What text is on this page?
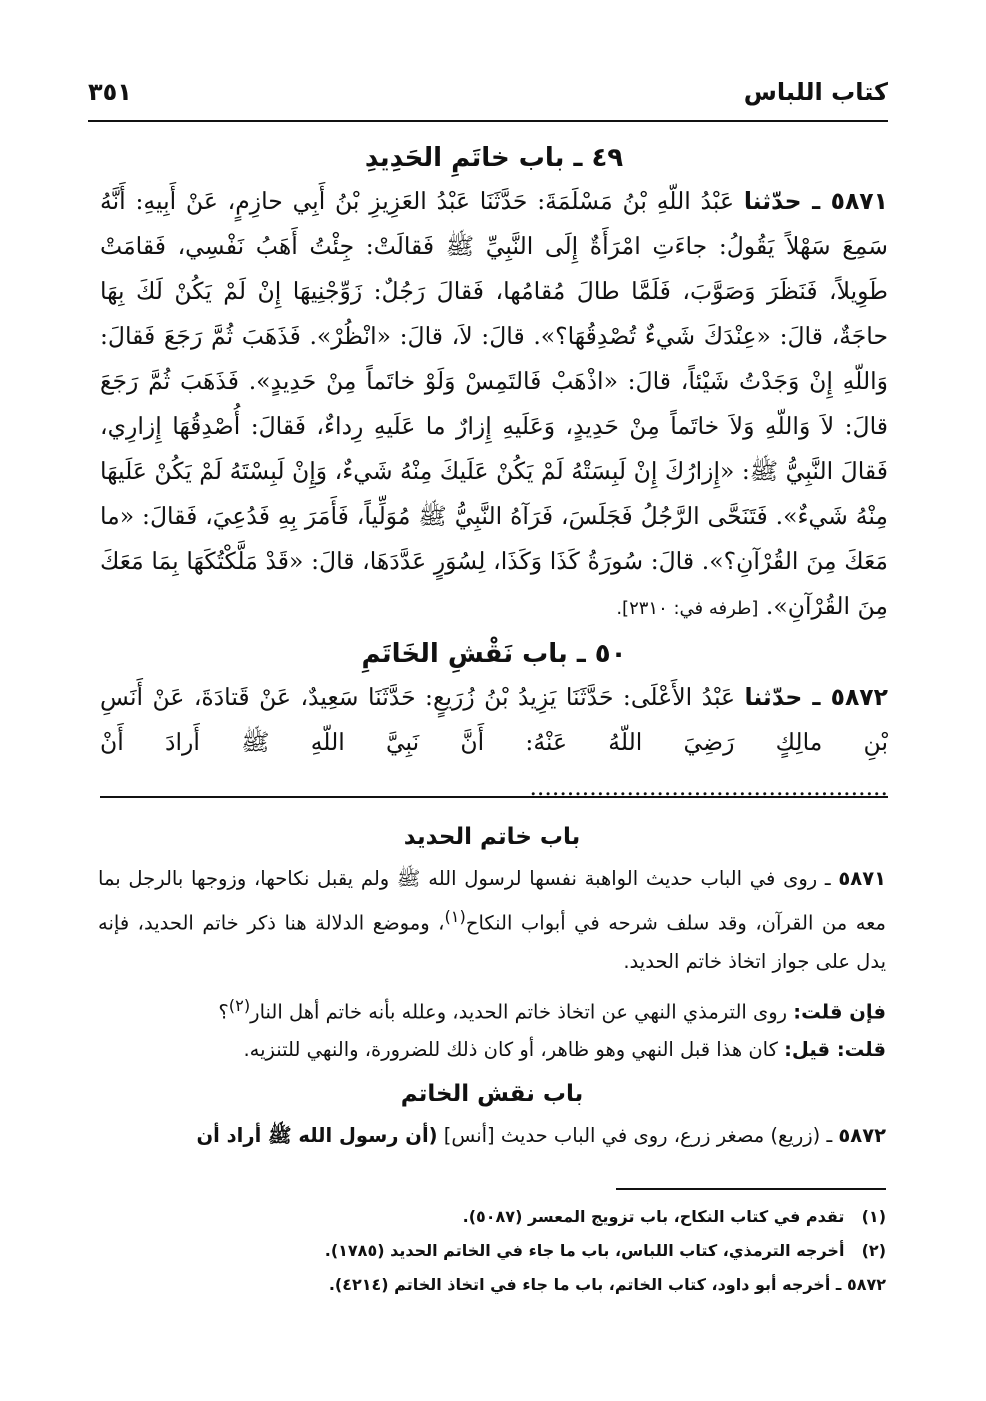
كتاب اللباس
٣٥١
٤٩ ـ باب خاتَمِ الحَدِيدِ

٥٨٧١ ـ حدّثنا عَبْدُ اللّهِ بْنُ مَسْلَمَةَ: حَدَّثَنَا عَبْدُ العَزِيزِ بْنُ أَبِي حازِمٍ، عَنْ أَبِيهِ: أَنَّهُ سَمِعَ سَهْلاً يَقُولُ: جاءَتِ امْرَأَةٌ إِلَى النَّبِيِّ ﷺ فَقالَتْ: جِئْتُ أَهَبُ نَفْسِي، فَقامَتْ طَوِيلاً، فَنَظَرَ وَصَوَّبَ، فَلَمَّا طالَ مُقامُها، فَقالَ رَجُلٌ: زَوِّجْنِيهَا إِنْ لَمْ يَكُنْ لَكَ بِهَا حاجَةٌ، قالَ: «عِنْدَكَ شَيءٌ تُصْدِقُهَا؟». قالَ: لاَ، قالَ: «انْظُرْ». فَذَهَبَ ثُمَّ رَجَعَ فَقالَ: وَاللّهِ إِنْ وَجَدْتُ شَيْئاً، قالَ: «اذْهَبْ فَالتَمِسْ وَلَوْ خاتَماً مِنْ حَدِيدٍ». فَذَهَبَ ثُمَّ رَجَعَ قالَ: لاَ وَاللّهِ وَلاَ خاتَماً مِنْ حَدِيدٍ، وَعَلَيهِ إِزارٌ ما عَلَيهِ رِداءٌ، فَقالَ: أُصْدِقُهَا إِزارِي، فَقالَ النَّبِيُّ ﷺ: «إِزارُكَ إِنْ لَبِسَتْهُ لَمْ يَكُنْ عَلَيكَ مِنْهُ شَيءٌ، وَإِنْ لَبِسْتَهُ لَمْ يَكُنْ عَلَيهَا مِنْهُ شَيءٌ». فَتَنَحَّى الرَّجُلُ فَجَلَسَ، فَرَآهُ النَّبِيُّ ﷺ مُوَلِّياً، فَأَمَرَ بِهِ فَدُعِيَ، فَقالَ: «ما مَعَكَ مِنَ القُرْآنِ؟». قالَ: سُورَةُ كَذَا وَكَذَا، لِسُوَرٍ عَدَّدَهَا، قالَ: «قَدْ مَلَّكْتُكَهَا بِمَا مَعَكَ مِنَ القُرْآنِ». [طرفه في: ٢٣١٠].

٥٠ ـ باب نَقْشِ الخَاتَمِ

٥٨٧٢ ـ حدّثنا عَبْدُ الأَعْلَى: حَدَّثَنَا يَزِيدُ بْنُ زُرَيعٍ: حَدَّثَنَا سَعِيدٌ، عَنْ قَتادَةَ، عَنْ أَنَسِ بْنِ مالِكٍ رَضِيَ اللّهُ عَنْهُ: أَنَّ نَبِيَّ اللّهِ ﷺ أَرادَ أَنْ ................................................

باب خاتم الحديد

٥٨٧١ ـ روى في الباب حديث الواهبة نفسها لرسول الله ﷺ ولم يقبل نكاحها، وزوجها بالرجل بما معه من القرآن، وقد سلف شرحه في أبواب النكاح$^{(١)}$، وموضع الدلالة هنا ذكر خاتم الحديد، فإنه يدل على جواز اتخاذ خاتم الحديد.

فإن قلت: روى الترمذي النهي عن اتخاذ خاتم الحديد، وعلله بأنه خاتم أهل النار$^{(٢)}$؟
قلت: قيل: كان هذا قبل النهي وهو ظاهر، أو كان ذلك للضرورة، والنهي للتنزيه.

باب نقش الخاتم

٥٨٧٢ ـ (زريع) مصغر زرع، روى في الباب حديث [أنس] (أن رسول الله ﷺ أراد أن

(١) تقدم في كتاب النكاح، باب تزويج المعسر (٥٠٨٧).

(٢) أخرجه الترمذي، كتاب اللباس، باب ما جاء في الخاتم الحديد (١٧٨٥).

٥٨٧٢ ـ أخرجه أبو داود، كتاب الخاتم، باب ما جاء في اتخاذ الخاتم (٤٢١٤).
